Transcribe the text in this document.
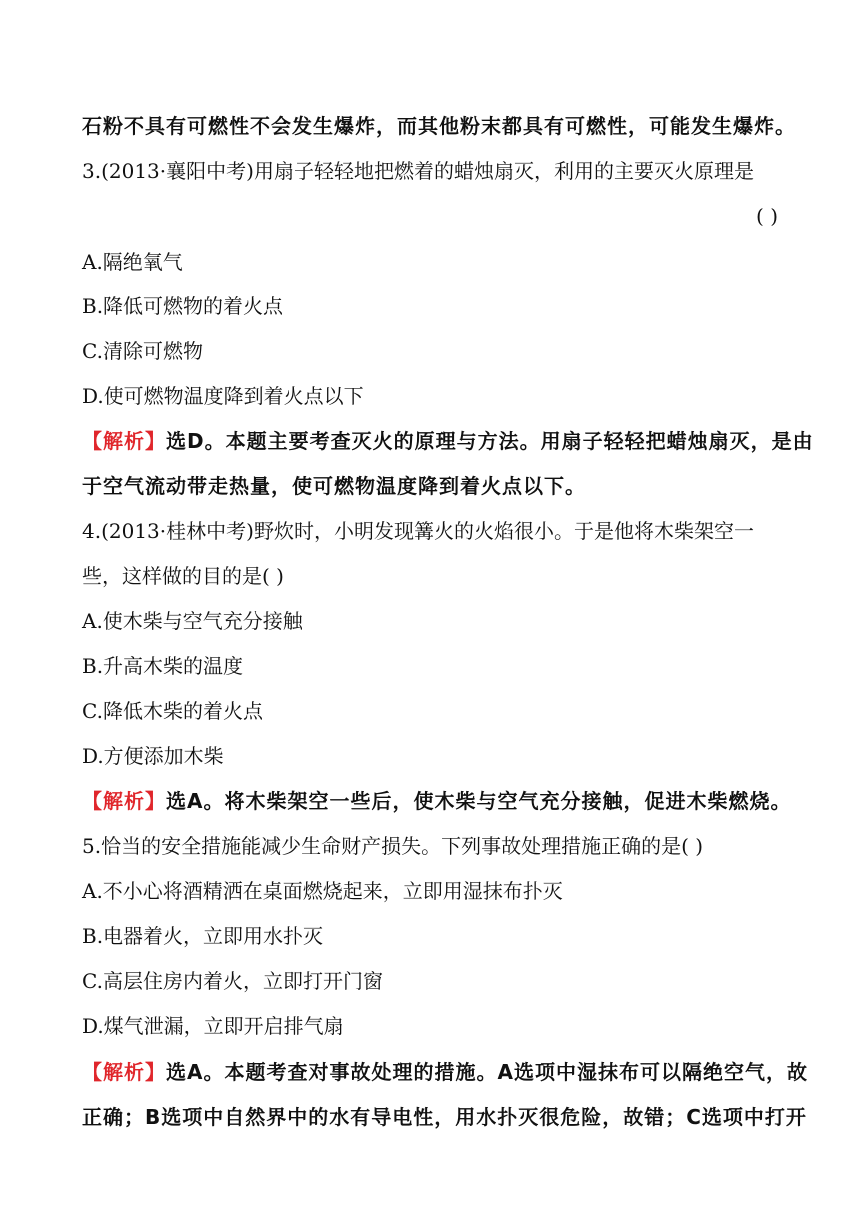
石粉不具有可燃性不会发生爆炸，而其他粉末都具有可燃性，可能发生爆炸。
3.(2013·襄阳中考)用扇子轻轻地把燃着的蜡烛扇灭，利用的主要灭火原理是
( )
A.隔绝氧气
B.降低可燃物的着火点
C.清除可燃物
D.使可燃物温度降到着火点以下
【解析】选D。本题主要考查灭火的原理与方法。用扇子轻轻把蜡烛扇灭，是由
于空气流动带走热量，使可燃物温度降到着火点以下。
4.(2013·桂林中考)野炊时，小明发现篝火的火焰很小。于是他将木柴架空一
些，这样做的目的是( )
A.使木柴与空气充分接触
B.升高木柴的温度
C.降低木柴的着火点
D.方便添加木柴
【解析】选A。将木柴架空一些后，使木柴与空气充分接触，促进木柴燃烧。
5.恰当的安全措施能减少生命财产损失。下列事故处理措施正确的是( )
A.不小心将酒精洒在桌面燃烧起来，立即用湿抹布扑灭
B.电器着火，立即用水扑灭
C.高层住房内着火，立即打开门窗
D.煤气泄漏，立即开启排气扇
【解析】选A。本题考查对事故处理的措施。A选项中湿抹布可以隔绝空气，故
正确；B选项中自然界中的水有导电性，用水扑灭很危险，故错；C选项中打开
